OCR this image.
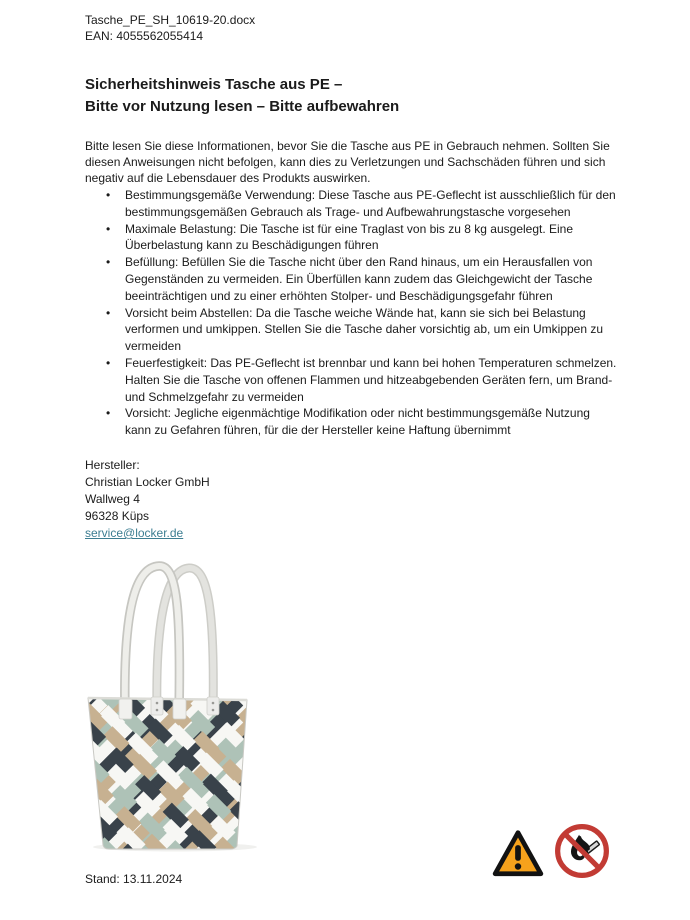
Tasche_PE_SH_10619-20.docx
EAN: 4055562055414
Sicherheitshinweis Tasche aus PE –
Bitte vor Nutzung lesen – Bitte aufbewahren

Bitte lesen Sie diese Informationen, bevor Sie die Tasche aus PE in Gebrauch nehmen. Sollten Sie diesen Anweisungen nicht befolgen, kann dies zu Verletzungen und Sachschäden führen und sich negativ auf die Lebensdauer des Produkts auswirken.

• Bestimmungsgemäße Verwendung: Diese Tasche aus PE-Geflecht ist ausschließlich für den bestimmungsgemäßen Gebrauch als Trage- und Aufbewahrungstasche vorgesehen
• Maximale Belastung: Die Tasche ist für eine Traglast von bis zu 8 kg ausgelegt. Eine Überbelastung kann zu Beschädigungen führen
• Befüllung: Befüllen Sie die Tasche nicht über den Rand hinaus, um ein Herausfallen von Gegenständen zu vermeiden. Ein Überfüllen kann zudem das Gleichgewicht der Tasche beeinträchtigen und zu einer erhöhten Stolper- und Beschädigungsgefahr führen
• Vorsicht beim Abstellen: Da die Tasche weiche Wände hat, kann sie sich bei Belastung verformen und umkippen. Stellen Sie die Tasche daher vorsichtig ab, um ein Umkippen zu vermeiden
• Feuerfestigkeit: Das PE-Geflecht ist brennbar und kann bei hohen Temperaturen schmelzen. Halten Sie die Tasche von offenen Flammen und hitzeabgebenden Geräten fern, um Brand- und Schmelzgefahr zu vermeiden
• Vorsicht: Jegliche eigenmächtige Modifikation oder nicht bestimmungsgemäße Nutzung kann zu Gefahren führen, für die der Hersteller keine Haftung übernimmt
Hersteller:
Christian Locker GmbH
Wallweg 4
96328 Küps
service@locker.de
Stand: 13.11.2024
